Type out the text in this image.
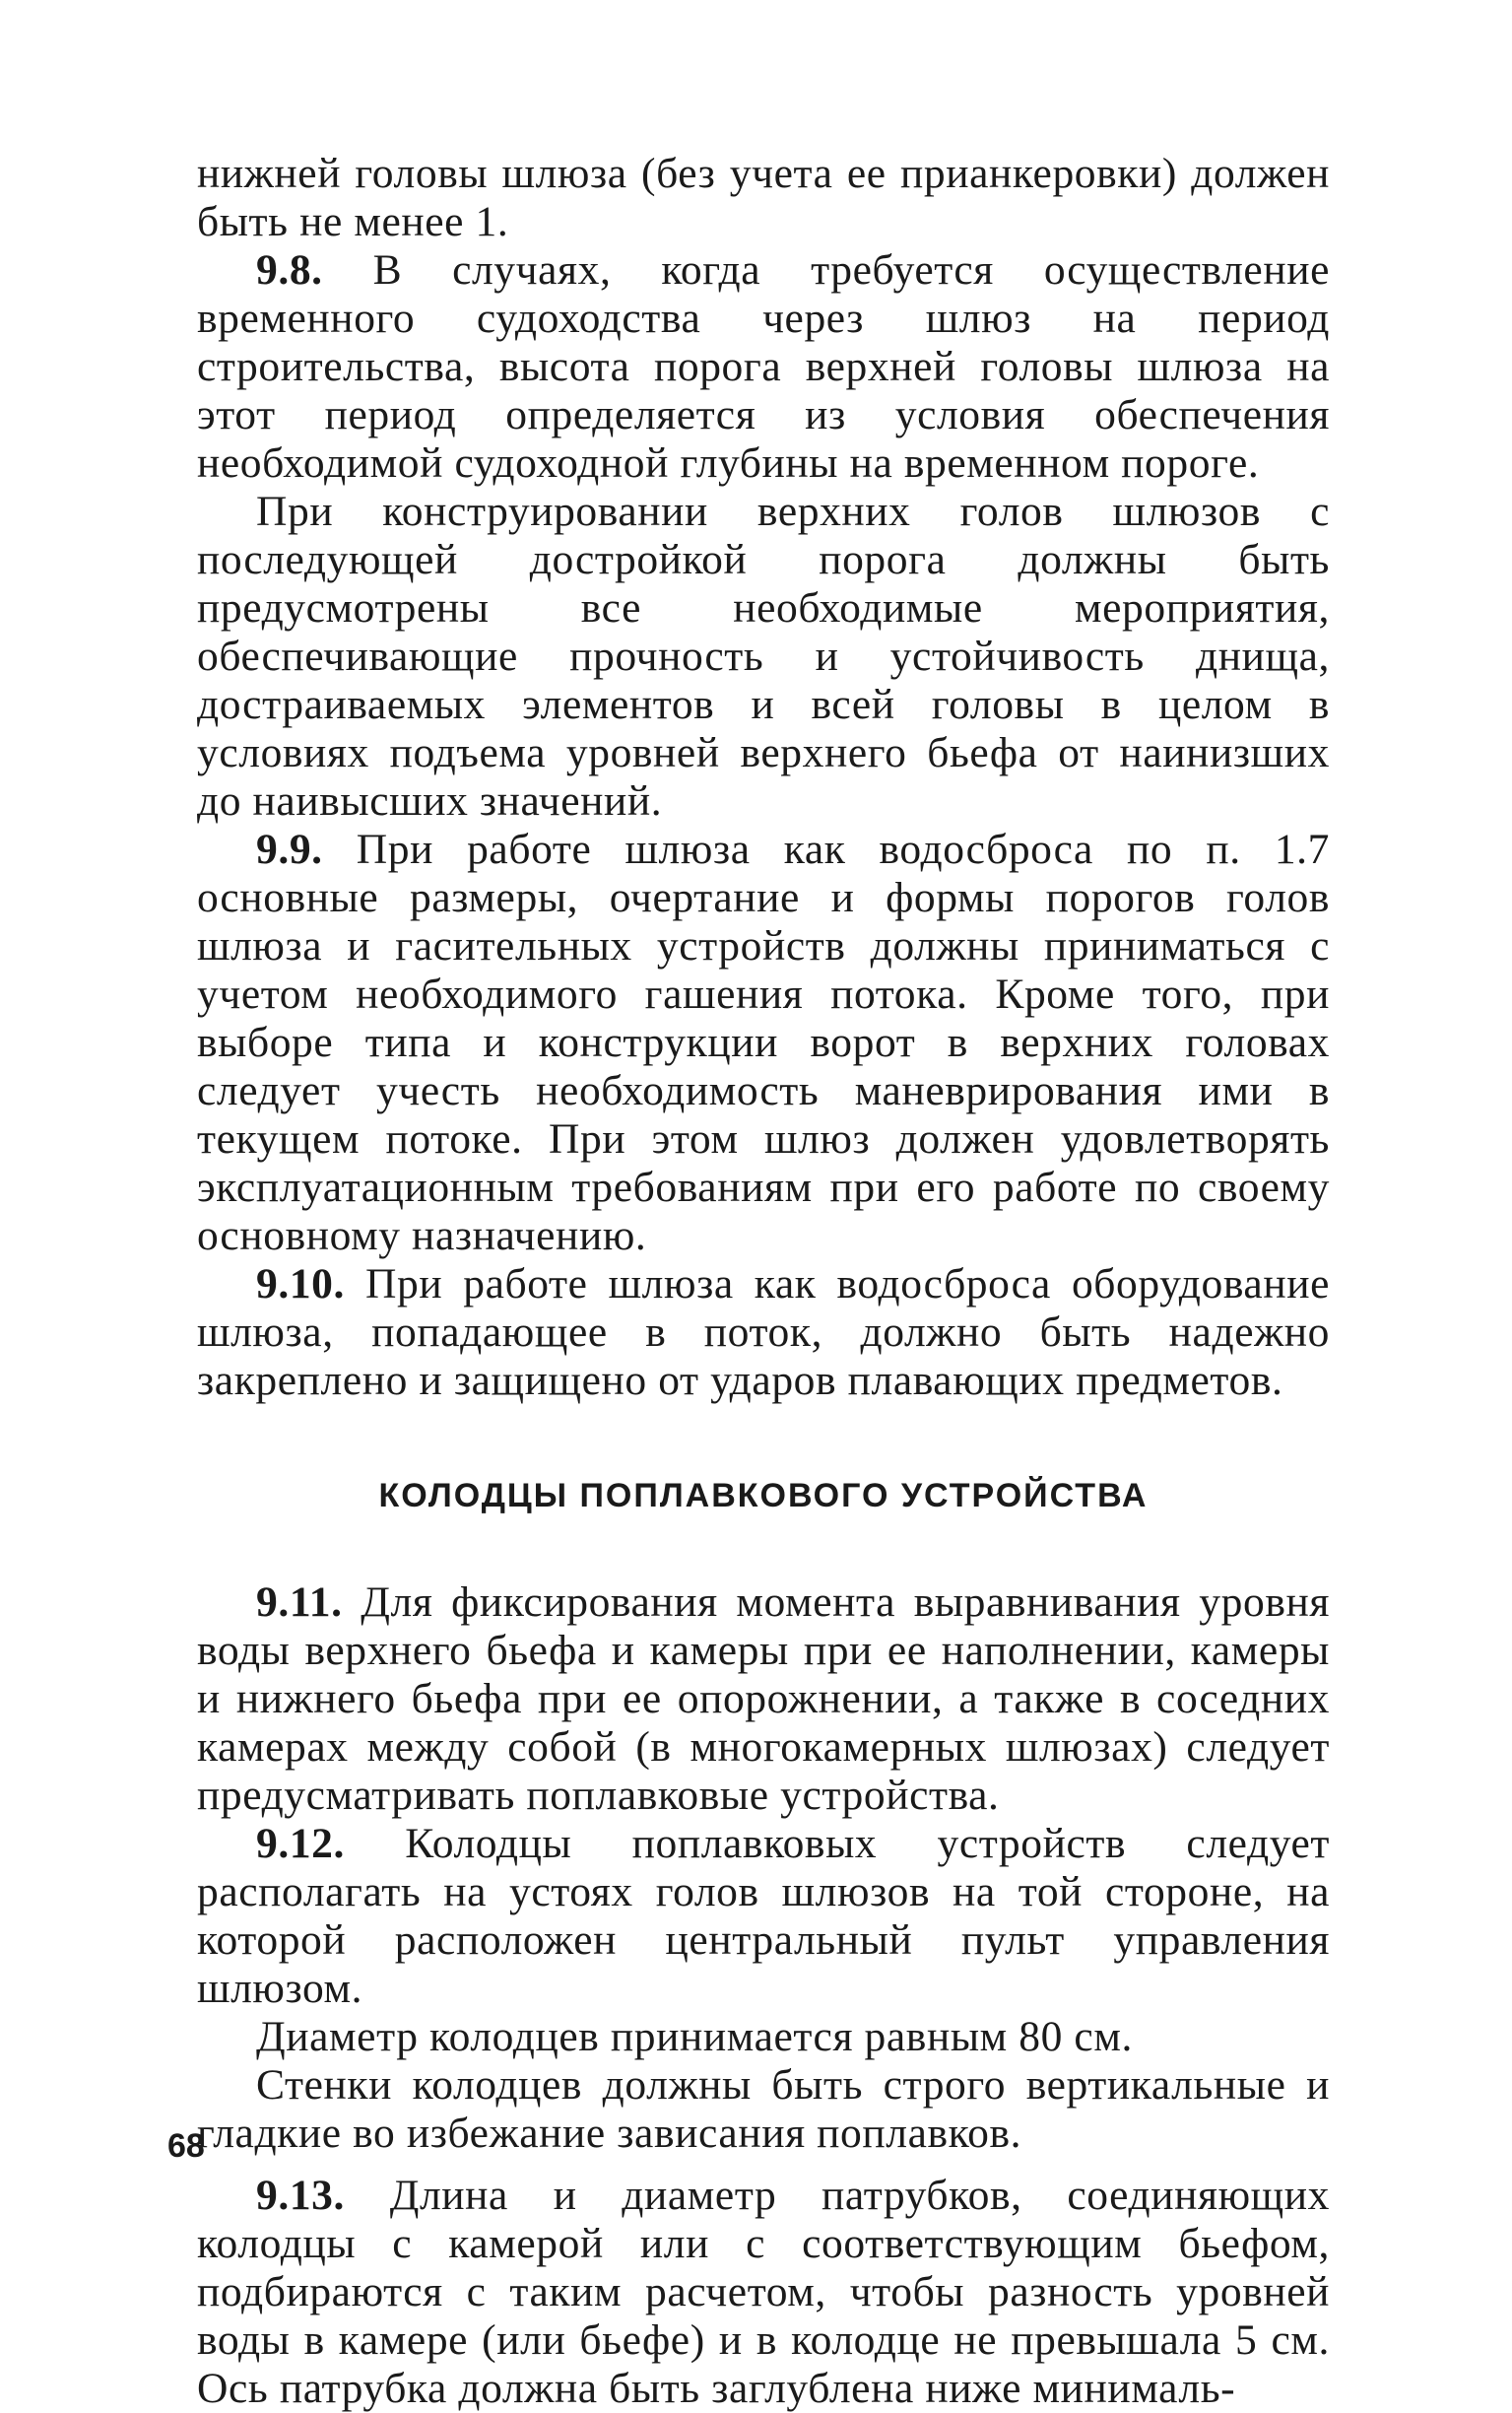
нижней головы шлюза (без учета ее прианкеровки) должен быть не менее 1.

9.8. В случаях, когда требуется осуществление временного судоходства через шлюз на период строительства, высота порога верхней головы шлюза на этот период определяется из условия обеспечения необходимой судоходной глубины на временном пороге.

При конструировании верхних голов шлюзов с последующей достройкой порога должны быть предусмотрены все необходимые мероприятия, обеспечивающие прочность и устойчивость днища, достраиваемых элементов и всей головы в целом в условиях подъема уровней верхнего бьефа от наинизших до наивысших значений.

9.9. При работе шлюза как водосброса по п. 1.7 основные размеры, очертание и формы порогов голов шлюза и гасительных устройств должны приниматься с учетом необходимого гашения потока. Кроме того, при выборе типа и конструкции ворот в верхних головах следует учесть необходимость маневрирования ими в текущем потоке. При этом шлюз должен удовлетворять эксплуатационным требованиям при его работе по своему основному назначению.

9.10. При работе шлюза как водосброса оборудование шлюза, попадающее в поток, должно быть надежно закреплено и защищено от ударов плавающих предметов.

КОЛОДЦЫ ПОПЛАВКОВОГО УСТРОЙСТВА

9.11. Для фиксирования момента выравнивания уровня воды верхнего бьефа и камеры при ее наполнении, камеры и нижнего бьефа при ее опорожнении, а также в соседних камерах между собой (в многокамерных шлюзах) следует предусматривать поплавковые устройства.

9.12. Колодцы поплавковых устройств следует располагать на устоях голов шлюзов на той стороне, на которой расположен центральный пульт управления шлюзом.

Диаметр колодцев принимается равным 80 см.

Стенки колодцев должны быть строго вертикальные и гладкие во избежание зависания поплавков.

9.13. Длина и диаметр патрубков, соединяющих колодцы с камерой или с соответствующим бьефом, подбираются с таким расчетом, чтобы разность уровней воды в камере (или бьефе) и в колодце не превышала 5 см. Ось патрубка должна быть заглублена ниже минималь-

68
